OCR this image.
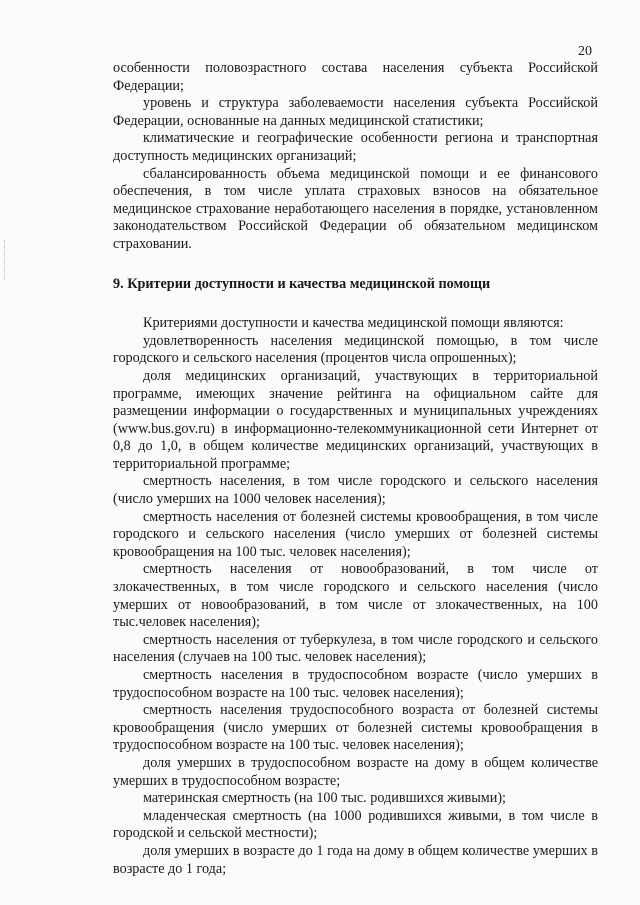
20

особенности половозрастного состава населения субъекта Российской Федерации;

уровень и структура заболеваемости населения субъекта Российской Федерации, основанные на данных медицинской статистики;

климатические и географические особенности региона и транспортная доступность медицинских организаций;

сбалансированность объема медицинской помощи и ее финансового обеспечения, в том числе уплата страховых взносов на обязательное медицинское страхование неработающего населения в порядке, установленном законодательством Российской Федерации об обязательном медицинском страховании.

9. Критерии доступности и качества медицинской помощи

Критериями доступности и качества медицинской помощи являются:

удовлетворенность населения медицинской помощью, в том числе городского и сельского населения (процентов числа опрошенных);

доля медицинских организаций, участвующих в территориальной программе, имеющих значение рейтинга на официальном сайте для размещении информации о государственных и муниципальных учреждениях (www.bus.gov.ru) в информационно-телекоммуникационной сети Интернет от 0,8 до 1,0, в общем количестве медицинских организаций, участвующих в территориальной программе;

смертность населения, в том числе городского и сельского населения (число умерших на 1000 человек населения);

смертность населения от болезней системы кровообращения, в том числе городского и сельского населения (число умерших от болезней системы кровообращения на 100 тыс. человек населения);

смертность населения от новообразований, в том числе от злокачественных, в том числе городского и сельского населения (число умерших от новообразований, в том числе от злокачественных, на 100 тыс.человек населения);

смертность населения от туберкулеза, в том числе городского и сельского населения (случаев на 100 тыс. человек населения);

смертность населения в трудоспособном возрасте (число умерших в трудоспособном возрасте на 100 тыс. человек населения);

смертность населения трудоспособного возраста от болезней системы кровообращения (число умерших от болезней системы кровообращения в трудоспособном возрасте на 100 тыс. человек населения);

доля умерших в трудоспособном возрасте на дому в общем количестве умерших в трудоспособном возрасте;

материнская смертность (на 100 тыс. родившихся живыми);

младенческая смертность (на 1000 родившихся живыми, в том числе в городской и сельской местности);

доля умерших в возрасте до 1 года на дому в общем количестве умерших в возрасте до 1 года;
